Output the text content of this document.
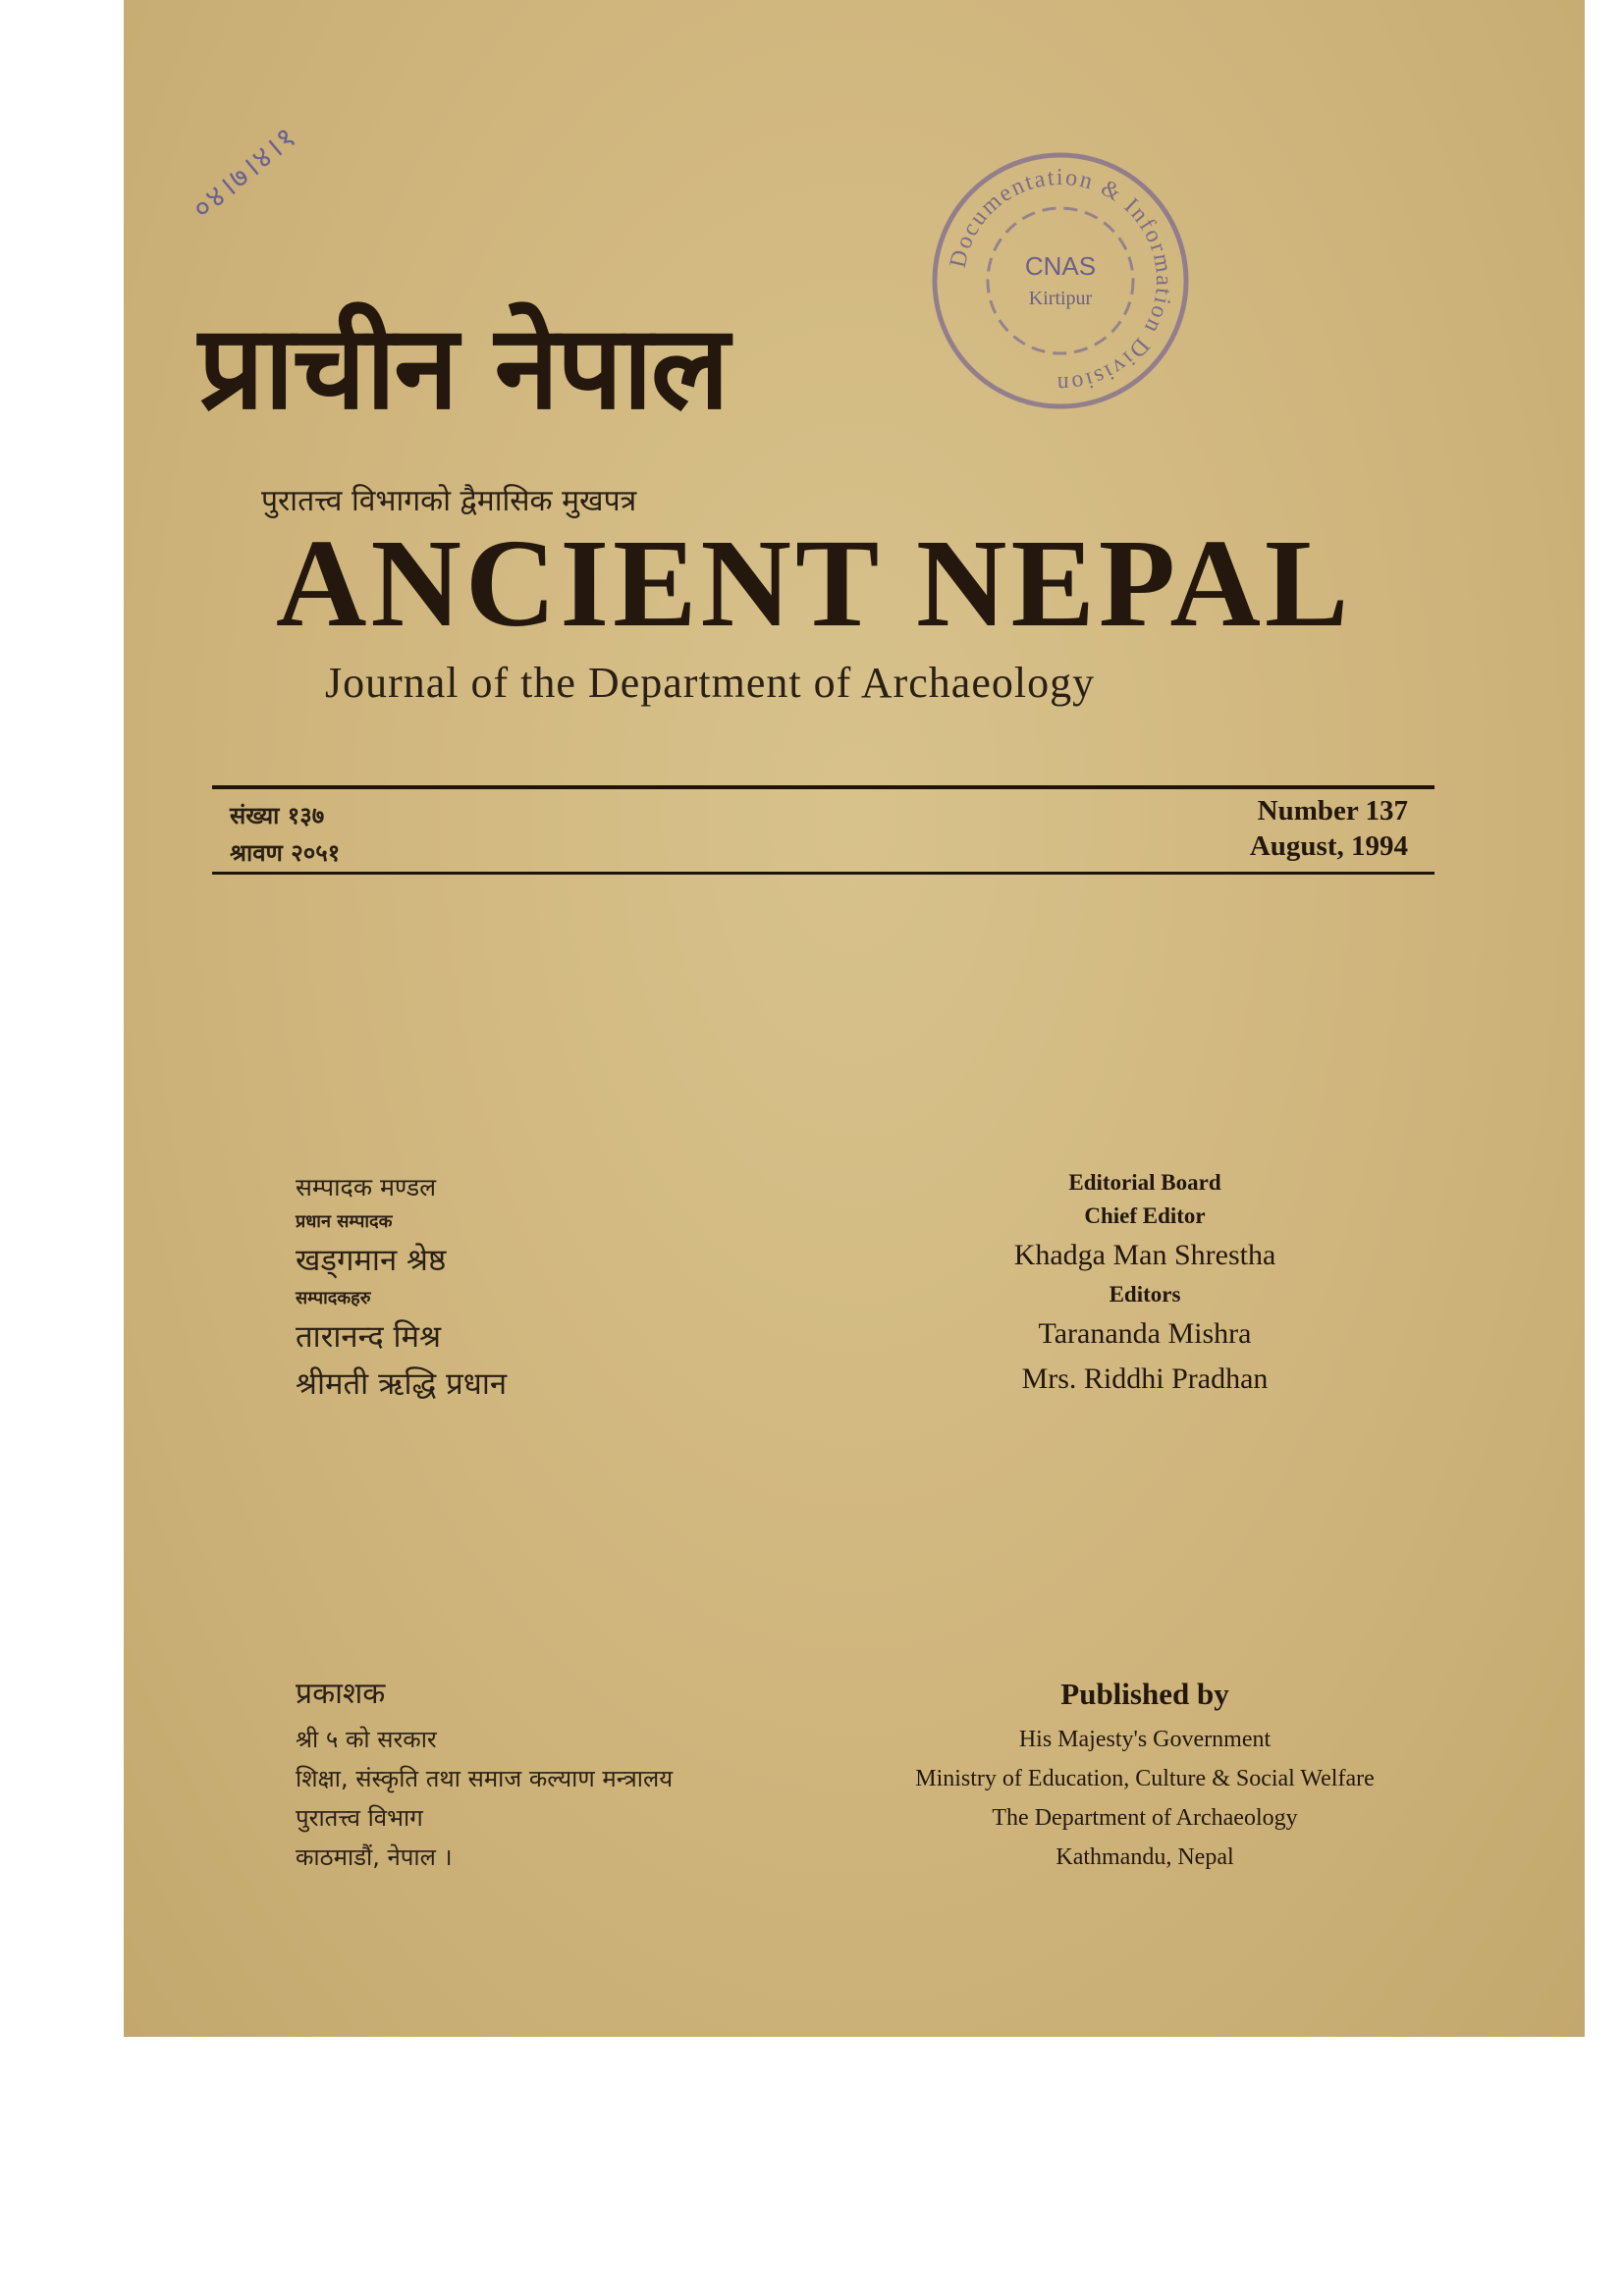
०४।७।४।१
Documentation & Information Division
CNAS
Kirtipur
प्राचीन नेपाल
पुरातत्त्व विभागको द्वैमासिक मुखपत्र
ANCIENT NEPAL
Journal of the Department of Archaeology
संख्या १३७
श्रावण २०५१
Number 137
August, 1994
सम्पादक मण्डल
प्रधान सम्पादक
खड्गमान श्रेष्ठ
सम्पादकहरु
तारानन्द मिश्र
श्रीमती ऋद्धि प्रधान
Editorial Board
Chief Editor
Khadga Man Shrestha
Editors
Tarananda Mishra
Mrs. Riddhi Pradhan
प्रकाशक
श्री ५ को सरकार
शिक्षा, संस्कृति तथा समाज कल्याण मन्त्रालय
पुरातत्त्व विभाग
काठमाडौं, नेपाल ।
Published by
His Majesty's Government
Ministry of Education, Culture & Social Welfare
The Department of Archaeology
Kathmandu, Nepal
